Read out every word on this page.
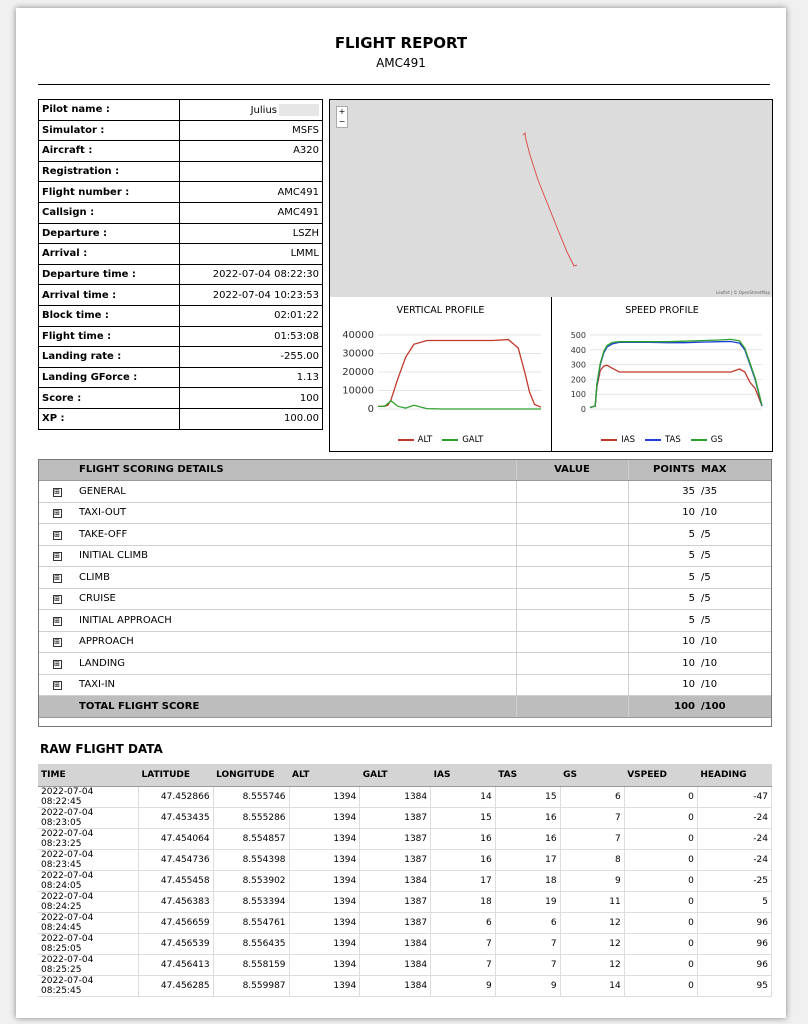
FLIGHT REPORT
AMC491
Pilot name :	Julius
Simulator :	MSFS
Aircraft :	A320
Registration :	
Flight number :	AMC491
Callsign :	AMC491
Departure :	LSZH
Arrival :	LMML
Departure time :	2022-07-04 08:22:30
Arrival time :	2022-07-04 10:23:53
Block time :	02:01:22
Flight time :	01:53:08
Landing rate :	-255.00
Landing GForce :	1.13
Score :	100
XP :	100.00
+
−
Leaflet | © OpenStreetMap
VERTICAL PROFILE
0
10000
20000
30000
40000
ALT	GALT
SPEED PROFILE
0
100
200
300
400
500
IAS	TAS	GS
	FLIGHT SCORING DETAILS	VALUE	POINTS	MAX
⊞	GENERAL		35	/35
⊞	TAXI-OUT		10	/10
⊞	TAKE-OFF		5	/5
⊞	INITIAL CLIMB		5	/5
⊞	CLIMB		5	/5
⊞	CRUISE		5	/5
⊞	INITIAL APPROACH		5	/5
⊞	APPROACH		10	/10
⊞	LANDING		10	/10
⊞	TAXI-IN		10	/10
	TOTAL FLIGHT SCORE		100	/100
RAW FLIGHT DATA
TIME	LATITUDE	LONGITUDE	ALT	GALT	IAS	TAS	GS	VSPEED	HEADING
2022-07-04 08:22:45	47.452866	8.555746	1394	1384	14	15	6	0	-47
2022-07-04 08:23:05	47.453435	8.555286	1394	1387	15	16	7	0	-24
2022-07-04 08:23:25	47.454064	8.554857	1394	1387	16	16	7	0	-24
2022-07-04 08:23:45	47.454736	8.554398	1394	1387	16	17	8	0	-24
2022-07-04 08:24:05	47.455458	8.553902	1394	1384	17	18	9	0	-25
2022-07-04 08:24:25	47.456383	8.553394	1394	1387	18	19	11	0	5
2022-07-04 08:24:45	47.456659	8.554761	1394	1387	6	6	12	0	96
2022-07-04 08:25:05	47.456539	8.556435	1394	1384	7	7	12	0	96
2022-07-04 08:25:25	47.456413	8.558159	1394	1384	7	7	12	0	96
2022-07-04 08:25:45	47.456285	8.559987	1394	1384	9	9	14	0	95
